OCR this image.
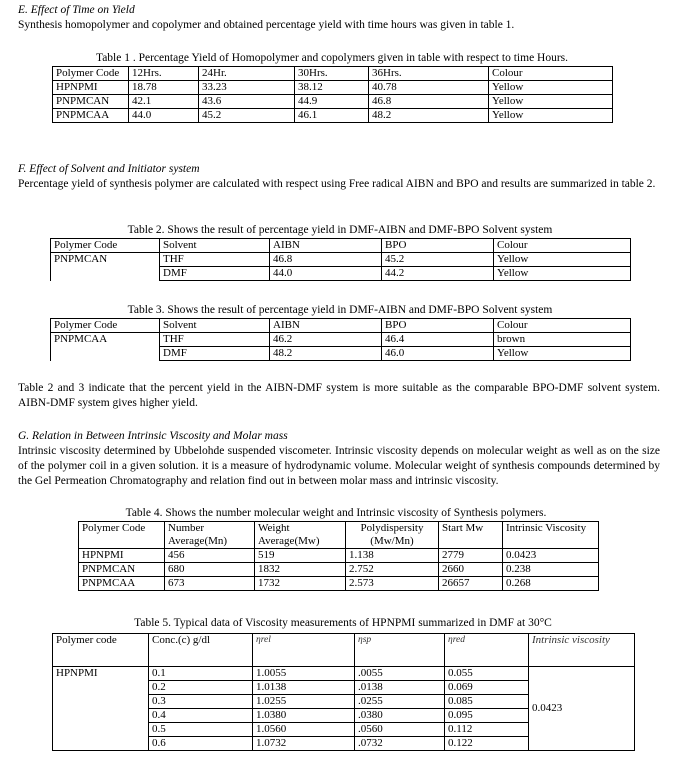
E. Effect of Time on Yield
Synthesis homopolymer and copolymer and obtained percentage yield with time hours was given in table 1.
Table 1 . Percentage Yield of Homopolymer and copolymers given in table with respect to time Hours.
Polymer Code	12Hrs.	24Hr.	30Hrs.	36Hrs.	Colour
HPNPMI	18.78	33.23	38.12	40.78	Yellow
PNPMCAN	42.1	43.6	44.9	46.8	Yellow
PNPMCAA	44.0	45.2	46.1	48.2	Yellow
F. Effect of Solvent and Initiator system
Percentage yield of synthesis polymer are calculated with respect using Free radical AIBN and BPO and results are summarized in table 2.
Table 2. Shows the result of percentage yield in DMF-AIBN and DMF-BPO Solvent system
Polymer Code	Solvent	AIBN	BPO	Colour
PNPMCAN	THF	46.8	45.2	Yellow
	DMF	44.0	44.2	Yellow
Table 3. Shows the result of percentage yield in DMF-AIBN and DMF-BPO Solvent system
Polymer Code	Solvent	AIBN	BPO	Colour
PNPMCAA	THF	46.2	46.4	brown
	DMF	48.2	46.0	Yellow
Table 2 and 3 indicate that the percent yield in the AIBN-DMF system is more suitable as the comparable BPO-DMF solvent system. AIBN-DMF system gives higher yield.
G. Relation in Between Intrinsic Viscosity and Molar mass
Intrinsic viscosity determined by Ubbelohde suspended viscometer. Intrinsic viscosity depends on molecular weight as well as on the size of the polymer coil in a given solution. it is a measure of hydrodynamic volume. Molecular weight of synthesis compounds determined by the Gel Permeation Chromatography and relation find out in between molar mass and intrinsic viscosity.
Table 4. Shows the number molecular weight and Intrinsic viscosity of Synthesis polymers.
Polymer Code	Number Average(Mn)	Weight Average(Mw)	Polydispersity (Mw/Mn)	Start Mw	Intrinsic Viscosity
HPNPMI	456	519	1.138	2779	0.0423
PNPMCAN	680	1832	2.752	2660	0.238
PNPMCAA	673	1732	2.573	26657	0.268
Table 5. Typical data of Viscosity measurements of HPNPMI summarized in DMF at 30°C
Polymer code	Conc.(c) g/dl	ηrel	ηsp	ηred	Intrinsic viscosity
HPNPMI	0.1	1.0055	.0055	0.055	0.0423
	0.2	1.0138	.0138	0.069	
	0.3	1.0255	.0255	0.085	
	0.4	1.0380	.0380	0.095	
	0.5	1.0560	.0560	0.112	
	0.6	1.0732	.0732	0.122	
